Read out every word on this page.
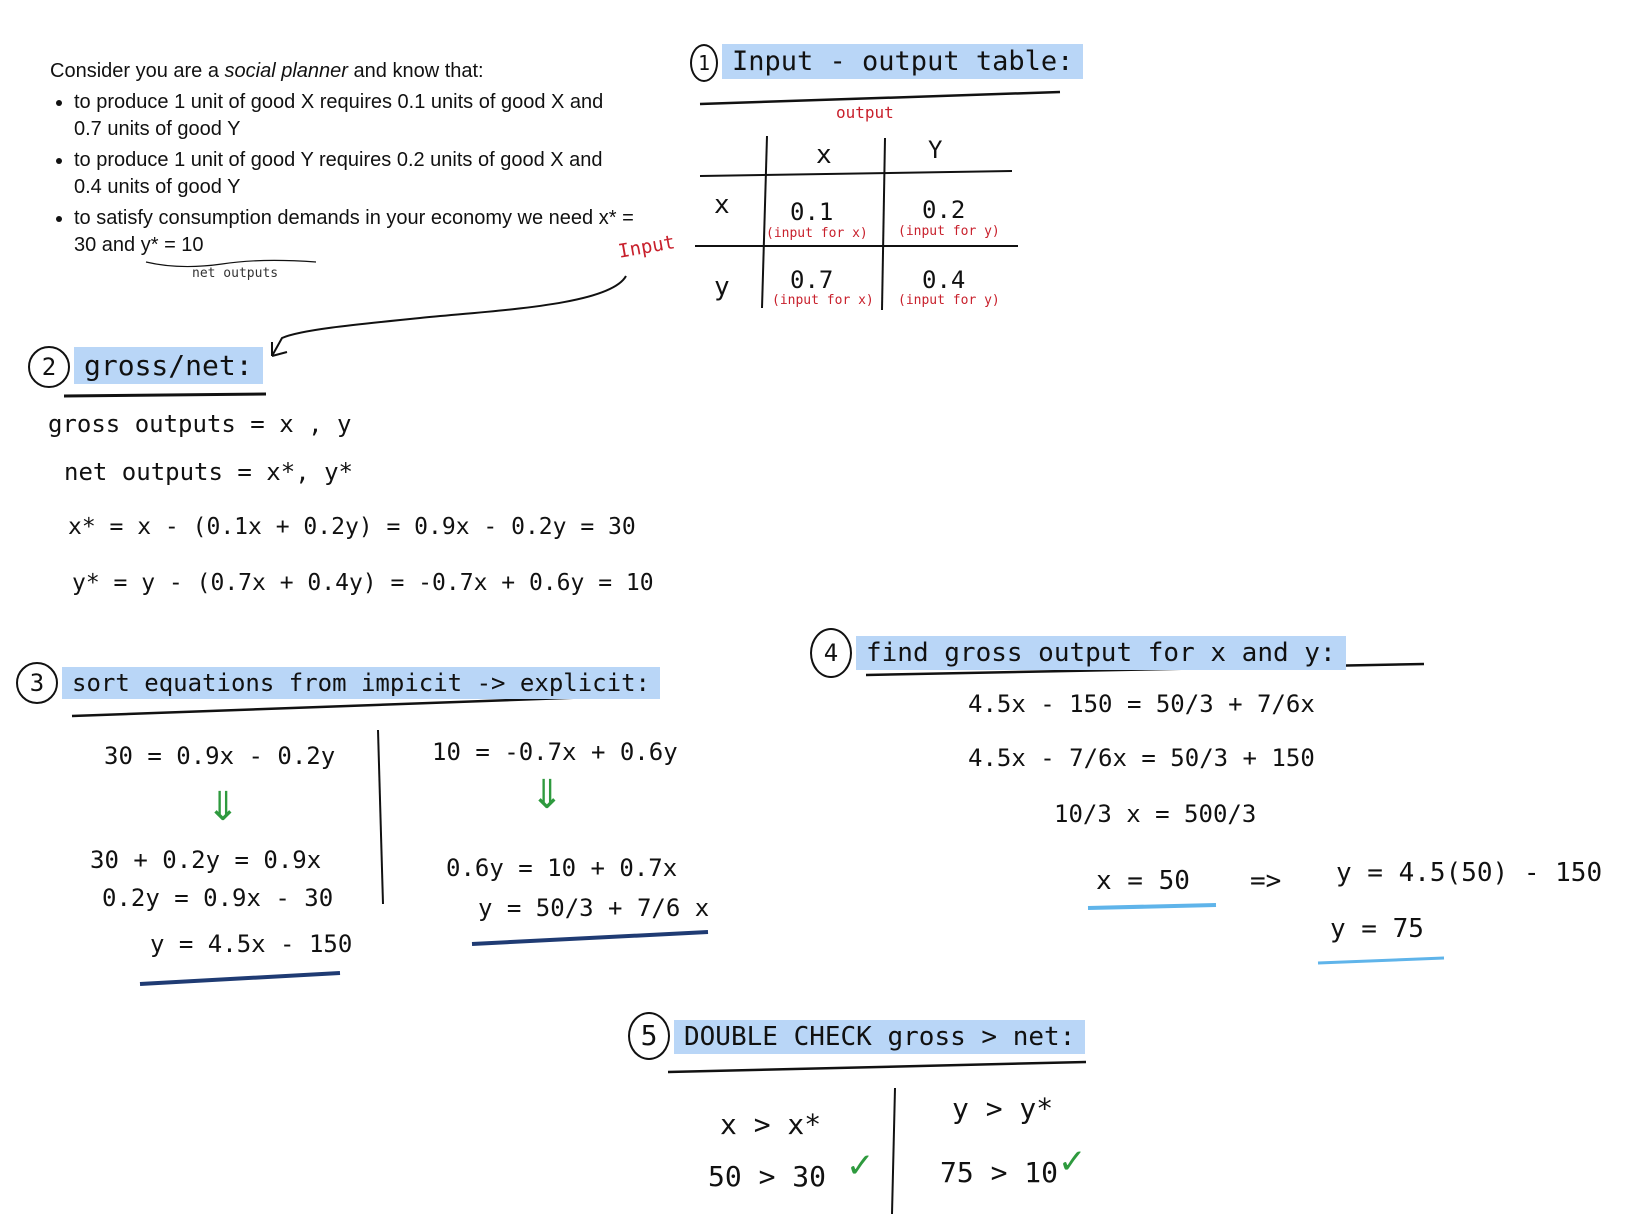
Consider you are a social planner and know that:
• to produce 1 unit of good X requires 0.1 units of good X and 0.7 units of good Y
• to produce 1 unit of good Y requires 0.2 units of good X and 0.4 units of good Y
• to satisfy consumption demands in your economy we need x* = 30 and y* = 10
net outputs
1 Input - output table:
output
Input
x	Y
x
y
0.1
(input for x)
0.2
(input for y)
0.7
(input for x)
0.4
(input for y)
2 gross/net:
gross outputs = x , y
net outputs = x*, y*
x* = x - (0.1x + 0.2y) = 0.9x - 0.2y = 30
y* = y - (0.7x + 0.4y) = -0.7x + 0.6y = 10
3 sort equations from impicit -> explicit:
30 = 0.9x - 0.2y
⇓
30 + 0.2y = 0.9x
0.2y = 0.9x - 30
y = 4.5x - 150
10 = -0.7x + 0.6y
⇓
0.6y = 10 + 0.7x
y = 50/3 + 7/6 x
4 find gross output for x and y:
4.5x - 150 = 50/3 + 7/6x
4.5x - 7/6x = 50/3 + 150
10/3 x = 500/3
x = 50 => y = 4.5(50) - 150
y = 75
5 DOUBLE CHECK gross > net:
x > x*
50 > 30 ✓
y > y*
75 > 10 ✓
